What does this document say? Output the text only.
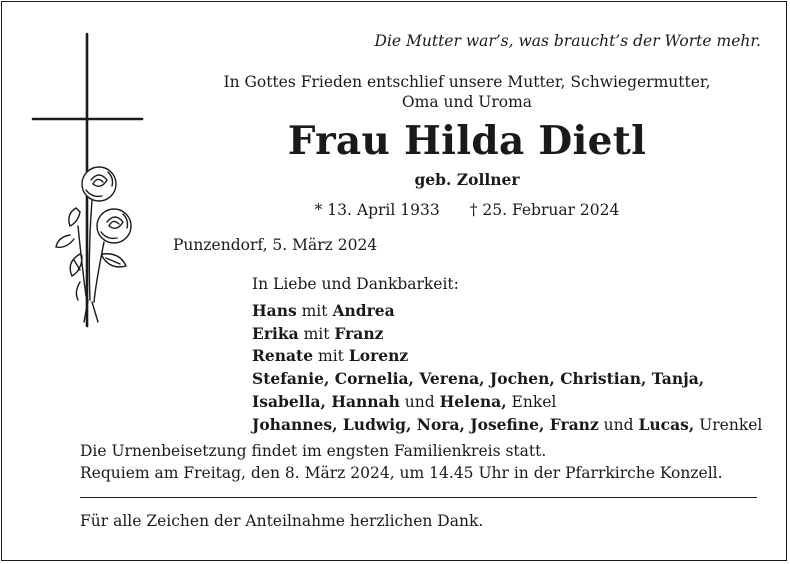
Die Mutter war’s, was braucht’s der Worte mehr.
In Gottes Frieden entschlief unsere Mutter, Schwiegermutter,
Oma und Uroma
Frau Hilda Dietl
geb. Zollner
* 13. April 1933 † 25. Februar 2024
Punzendorf, 5. März 2024
In Liebe und Dankbarkeit:
Hans mit Andrea
Erika mit Franz
Renate mit Lorenz
Stefanie, Cornelia, Verena, Jochen, Christian, Tanja,
Isabella, Hannah und Helena, Enkel
Johannes, Ludwig, Nora, Josefine, Franz und Lucas, Urenkel
Die Urnenbeisetzung findet im engsten Familienkreis statt.
Requiem am Freitag, den 8. März 2024, um 14.45 Uhr in der Pfarrkirche Konzell.
Für alle Zeichen der Anteilnahme herzlichen Dank.
